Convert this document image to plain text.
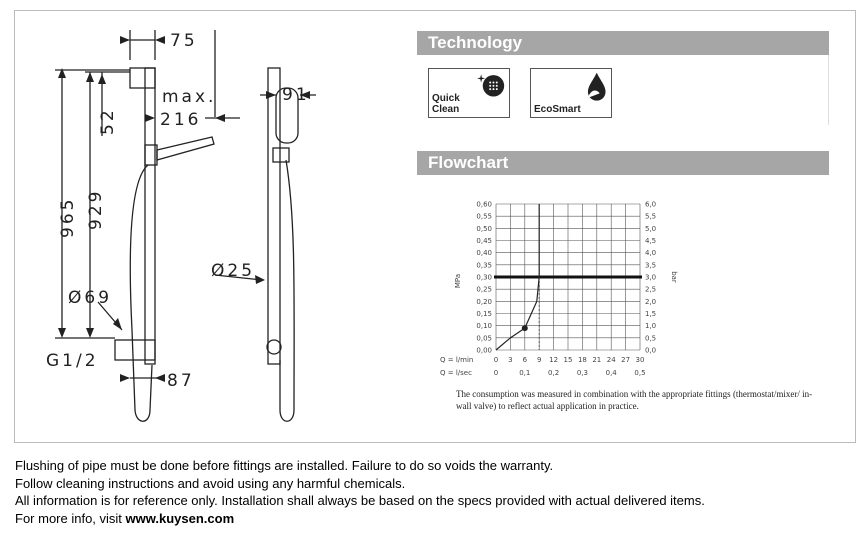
75
max.
216
52
965 929
Ø69
G1/2
87
91
Ø25
Technology
Quick
Clean	EcoSmart
Flowchart
0 3 6 9 12 15 18 21 24 27 30
0	0,1	0,2	0,3	0,4	0,5
0,00	0,0
0,05	0,5
0,10	1,0
0,15	1,5
0,20	2,0
0,25	2,5
0,30	3,0
0,35	3,5
0,40	4,0
0,45	4,5
0,50	5,0
0,55	5,5
0,60	6,0
Q = l/min
Q = l/sec
MPa	bar
The consumption was measured in combination with the appropriate fittings (thermostat/mixer/ in-wall valve) to reflect actual application in practice.
Flushing of pipe must be done before fittings are installed. Failure to do so voids the warranty.
Follow cleaning instructions and avoid using any harmful chemicals.
All information is for reference only. Installation shall always be based on the specs provided with actual delivered items.
For more info, visit www.kuysen.com
